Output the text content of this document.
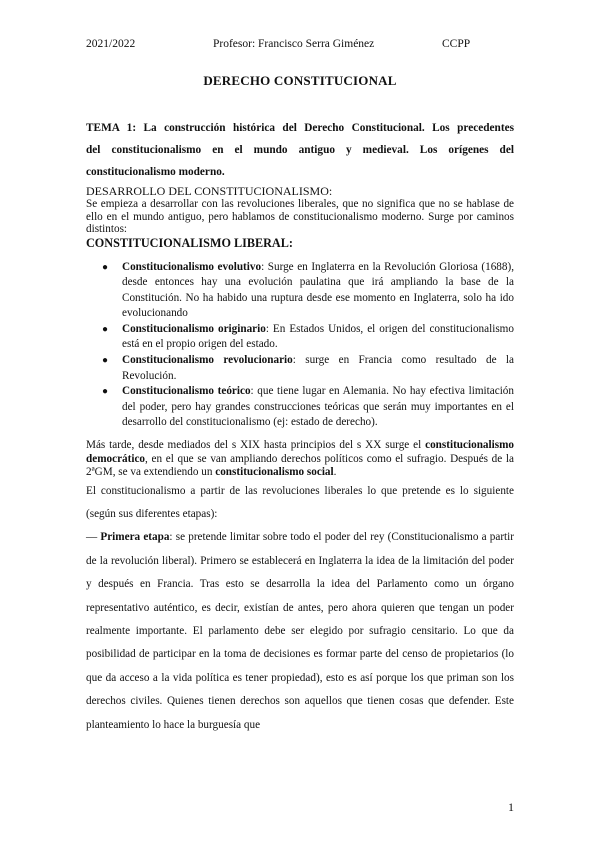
2021/2022	Profesor: Francisco Serra Giménez	CCPP
DERECHO CONSTITUCIONAL
TEMA 1: La construcción histórica del Derecho Constitucional. Los precedentes
del constitucionalismo en el mundo antiguo y medieval. Los orígenes del
constitucionalismo moderno.
DESARROLLO DEL CONSTITUCIONALISMO:

Se empieza a desarrollar con las revoluciones liberales, que no significa que no se hablase de ello en el mundo antiguo, pero hablamos de constitucionalismo moderno. Surge por caminos distintos:

CONSTITUCIONALISMO LIBERAL:
● Constitucionalismo evolutivo: Surge en Inglaterra en la Revolución Gloriosa (1688), desde entonces hay una evolución paulatina que irá ampliando la base de la Constitución. No ha habido una ruptura desde ese momento en Inglaterra, solo ha ido evolucionando
● Constitucionalismo originario: En Estados Unidos, el origen del constitucionalismo está en el propio origen del estado.
● Constitucionalismo revolucionario: surge en Francia como resultado de la Revolución.
● Constitucionalismo teórico: que tiene lugar en Alemania. No hay efectiva limitación del poder, pero hay grandes construcciones teóricas que serán muy importantes en el desarrollo del constitucionalismo (ej: estado de derecho).

Más tarde, desde mediados del s XIX hasta principios del s XX surge el constitucionalismo democrático, en el que se van ampliando derechos políticos como el sufragio. Después de la 2ªGM, se va extendiendo un constitucionalismo social.

El constitucionalismo a partir de las revoluciones liberales lo que pretende es lo siguiente (según sus diferentes etapas):

— Primera etapa: se pretende limitar sobre todo el poder del rey (Constitucionalismo a partir de la revolución liberal). Primero se establecerá en Inglaterra la idea de la limitación del poder y después en Francia. Tras esto se desarrolla la idea del Parlamento como un órgano representativo auténtico, es decir, existían de antes, pero ahora quieren que tengan un poder realmente importante. El parlamento debe ser elegido por sufragio censitario. Lo que da posibilidad de participar en la toma de decisiones es formar parte del censo de propietarios (lo que da acceso a la vida política es tener propiedad), esto es así porque los que priman son los derechos civiles. Quienes tienen derechos son aquellos que tienen cosas que defender. Este planteamiento lo hace la burguesía que

1
